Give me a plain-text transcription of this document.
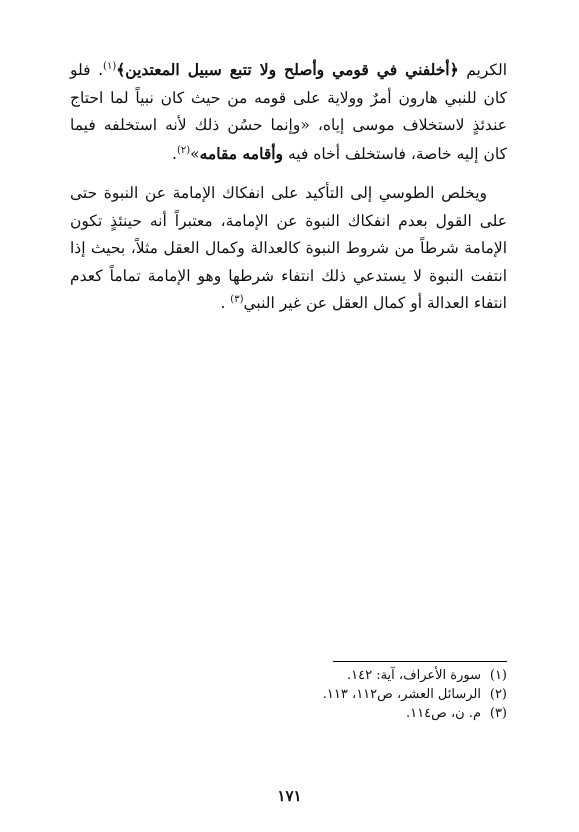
الكريم ﴿أخلفني في قومي وأصلح ولا تتبع سبيل المعتدين﴾$^{(١)}$. فلو كان للنبي هارون أمرٌ وولاية على قومه من حيث كان نبياً لما احتاج عندئذٍ لاستخلاف موسى إياه، «وإنما حسُن ذلك لأنه استخلفه فيما كان إليه خاصة، فاستخلف أخاه فيه وأقامه مقامه»$^{(٢)}$.

ويخلص الطوسي إلى التأكيد على انفكاك الإمامة عن النبوة حتى على القول بعدم انفكاك النبوة عن الإمامة، معتبراً أنه حينئذٍ تكون الإمامة شرطاً من شروط النبوة كالعدالة وكمال العقل مثلاً، بحيث إذا انتفت النبوة لا يستدعي ذلك انتفاء شرطها وهو الإمامة تماماً كعدم انتفاء العدالة أو كمال العقل عن غير النبي$^{(٣)}$ .

(١)
سورة الأعراف، آية: ١٤٢.
(٢)
الرسائل العشر، ص١١٢، ١١٣.
(٣)
م. ن، ص١١٤.
١٧١
